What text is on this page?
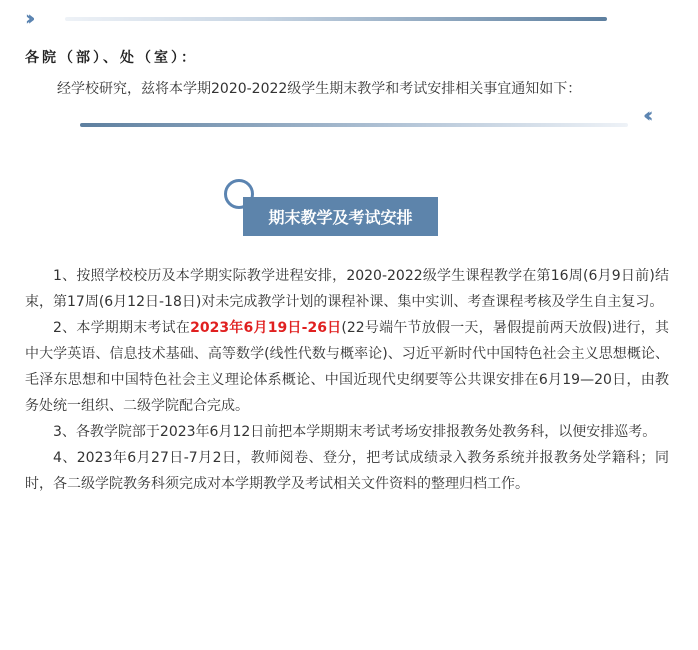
››
各院（部）、处（室）：
经学校研究，兹将本学期2020-2022级学生期末教学和考试安排相关事宜通知如下：
‹‹
期末教学及考试安排

1、按照学校校历及本学期实际教学进程安排，2020-2022级学生课程教学在第16周(6月9日前)结束，第17周(6月12日-18日)对未完成教学计划的课程补课、集中实训、考查课程考核及学生自主复习。

2、本学期期末考试在2023年6月19日-26日(22号端午节放假一天，暑假提前两天放假)进行，其中大学英语、信息技术基础、高等数学(线性代数与概率论)、习近平新时代中国特色社会主义思想概论、毛泽东思想和中国特色社会主义理论体系概论、中国近现代史纲要等公共课安排在6月19—20日，由教务处统一组织、二级学院配合完成。

3、各教学院部于2023年6月12日前把本学期期末考试考场安排报教务处教务科，以便安排巡考。

4、2023年6月27日-7月2日，教师阅卷、登分，把考试成绩录入教务系统并报教务处学籍科；同时，各二级学院教务科须完成对本学期教学及考试相关文件资料的整理归档工作。
